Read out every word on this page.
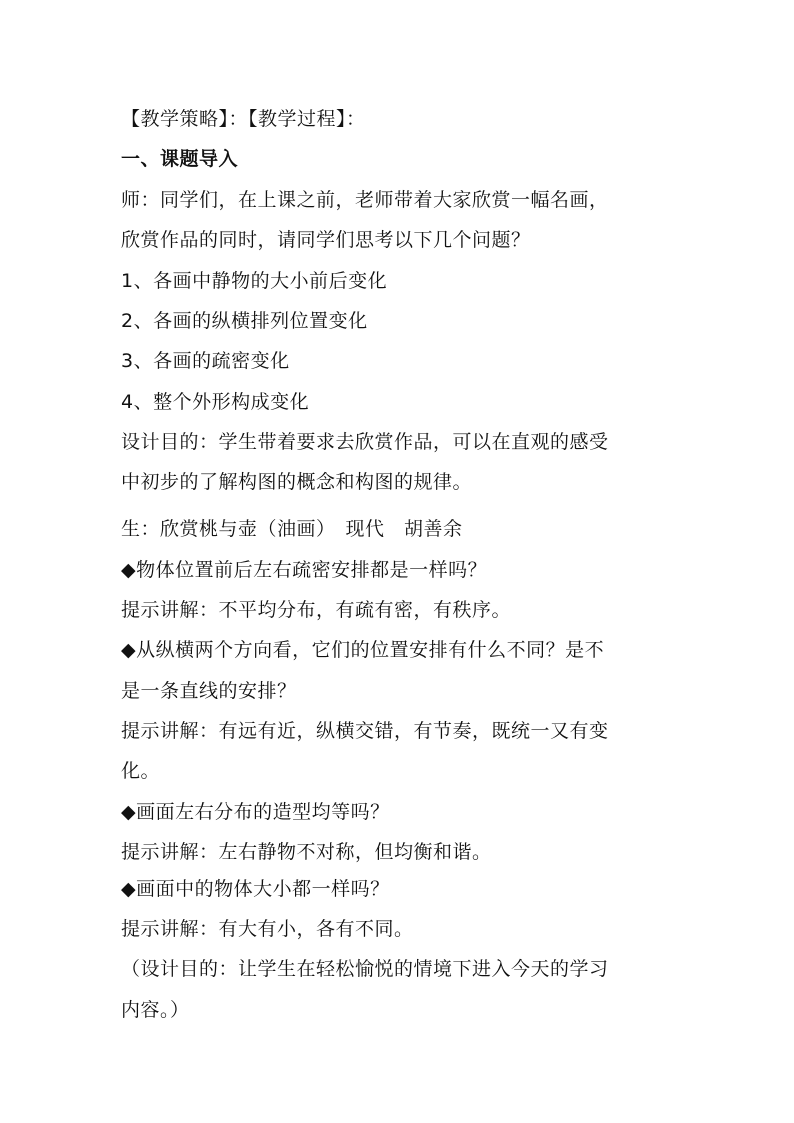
【教学策略】：【教学过程】：
一、课题导入
师：同学们，在上课之前，老师带着大家欣赏一幅名画，
欣赏作品的同时，请同学们思考以下几个问题？
1、各画中静物的大小前后变化
2、各画的纵横排列位置变化
3、各画的疏密变化
4、整个外形构成变化
设计目的：学生带着要求去欣赏作品，可以在直观的感受
中初步的了解构图的概念和构图的规律。
生：欣赏桃与壶（油画）　现代　胡善余
◆物体位置前后左右疏密安排都是一样吗？
提示讲解：不平均分布，有疏有密，有秩序。
◆从纵横两个方向看，它们的位置安排有什么不同？是不
是一条直线的安排？
提示讲解：有远有近，纵横交错，有节奏，既统一又有变
化。
◆画面左右分布的造型均等吗？
提示讲解：左右静物不对称，但均衡和谐。
◆画面中的物体大小都一样吗？
提示讲解：有大有小，各有不同。
（设计目的：让学生在轻松愉悦的情境下进入今天的学习
内容。）
